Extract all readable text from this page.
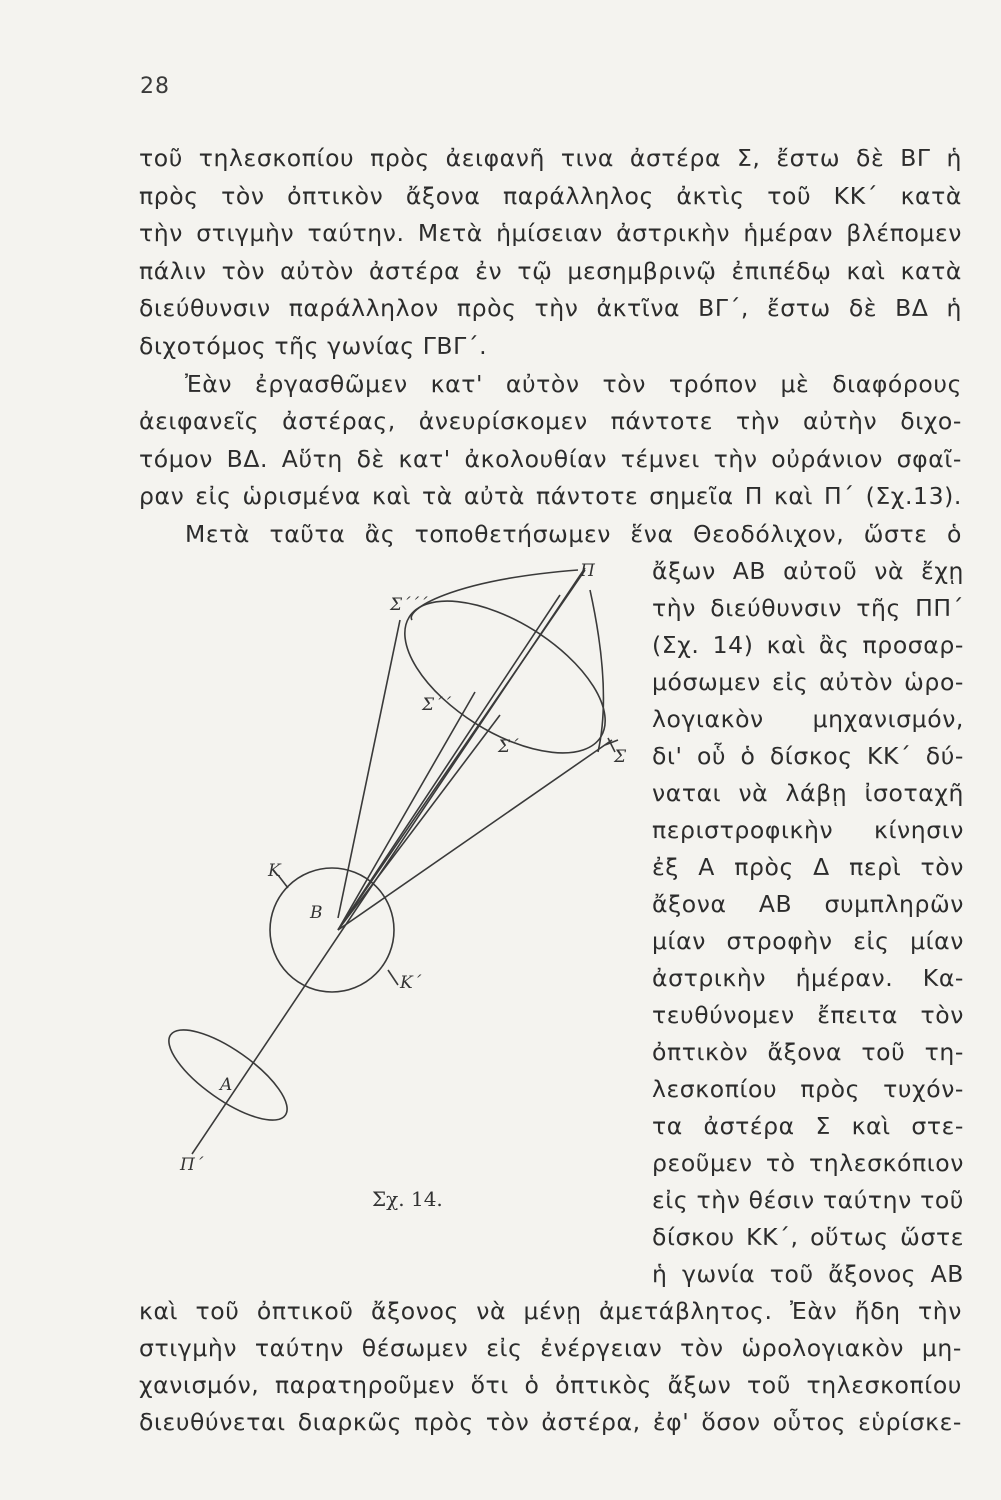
28
τοῦ τηλεσκοπίου πρὸς ἀειφανῆ τινα ἀστέρα Σ, ἔστω δὲ ΒΓ ἡ
πρὸς τὸν ὀπτικὸν ἄξονα παράλληλος ἀκτὶς τοῦ ΚΚ΄ κατὰ
τὴν στιγμὴν ταύτην. Μετὰ ἡμίσειαν ἀστρικὴν ἡμέραν βλέπομεν
πάλιν τὸν αὐτὸν ἀστέρα ἐν τῷ μεσημβρινῷ ἐπιπέδῳ καὶ κατὰ
διεύθυνσιν παράλληλον πρὸς τὴν ἀκτῖνα ΒΓ΄, ἔστω δὲ ΒΔ ἡ
διχοτόμος τῆς γωνίας ΓΒΓ΄.
Ἐὰν ἐργασθῶμεν κατ' αὐτὸν τὸν τρόπον μὲ διαφόρους
ἀειφανεῖς ἀστέρας, ἀνευρίσκομεν πάντοτε τὴν αὐτὴν διχο-
τόμον ΒΔ. Αὕτη δὲ κατ' ἀκολουθίαν τέμνει τὴν οὐράνιον σφαῖ-
ραν εἰς ὡρισμένα καὶ τὰ αὐτὰ πάντοτε σημεῖα Π καὶ Π΄ (Σχ.13).
Μετὰ ταῦτα ἂς τοποθετήσωμεν ἕνα Θεοδόλιχον, ὥστε ὁ
ἄξων ΑΒ αὐτοῦ νὰ ἔχῃ
τὴν διεύθυνσιν τῆς ΠΠ΄
(Σχ. 14) καὶ ἂς προσαρ-
μόσωμεν εἰς αὐτὸν ὡρο-
λογιακὸν μηχανισμόν,
δι' οὗ ὁ δίσκος ΚΚ΄ δύ-
ναται νὰ λάβῃ ἰσοταχῆ
περιστροφικὴν κίνησιν
ἐξ Α πρὸς Δ περὶ τὸν
ἄξονα ΑΒ συμπληρῶν
μίαν στροφὴν εἰς μίαν
ἀστρικὴν ἡμέραν. Κα-
τευθύνομεν ἔπειτα τὸν
ὀπτικὸν ἄξονα τοῦ τη-
λεσκοπίου πρὸς τυχόν-
τα ἀστέρα Σ καὶ στε-
ρεοῦμεν τὸ τηλεσκόπιον
εἰς τὴν θέσιν ταύτην τοῦ
δίσκου ΚΚ΄, οὕτως ὥστε
ἡ γωνία τοῦ ἄξονος ΑΒ
καὶ τοῦ ὀπτικοῦ ἄξονος νὰ μένῃ ἀμετάβλητος. Ἐὰν ἤδη τὴν
στιγμὴν ταύτην θέσωμεν εἰς ἐνέργειαν τὸν ὡρολογιακὸν μη-
χανισμόν, παρατηροῦμεν ὅτι ὁ ὀπτικὸς ἄξων τοῦ τηλεσκοπίου
διευθύνεται διαρκῶς πρὸς τὸν ἀστέρα, ἐφ' ὅσον οὗτος εὑρίσκε-
Π
Π΄
Σ΄΄΄
Σ΄΄
Σ΄	Σ
Κ
Κ΄
Β
Α
Σχ. 14.
